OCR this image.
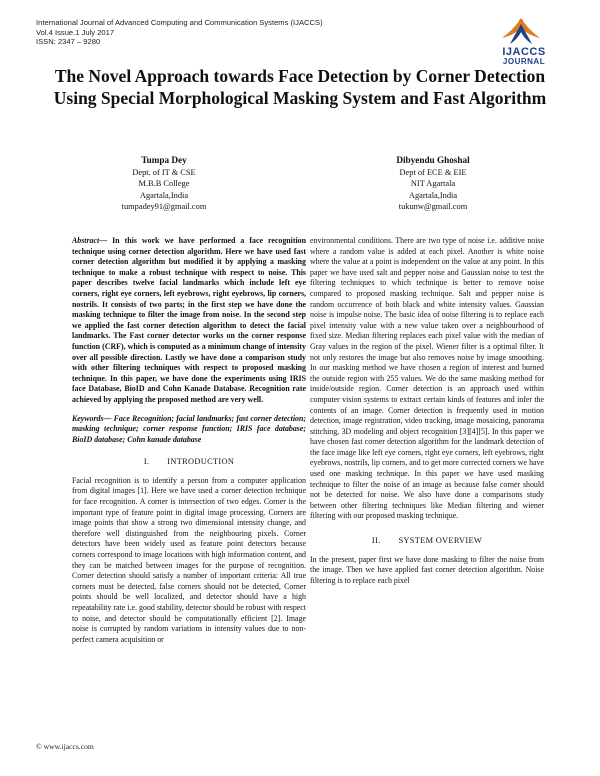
International Journal of Advanced Computing and Communication Systems (IJACCS)
Vol.4 Issue.1 July 2017
ISSN: 2347 – 9280
IJACCS
JOURNAL
The Novel Approach towards Face Detection by Corner Detection Using Special Morphological Masking System and Fast Algorithm
Tumpa Dey
Dept. of IT & CSE
M.B.B College
Agartala,India
tumpadey91@gmail.com
Dibyendu Ghoshal
Dept of ECE & EIE
NIT Agartala
Agartala,India
tukunw@gmail.com

Abstract— In this work we have performed a face recognition technique using corner detection algorithm. Here we have used fast corner detection algorithm but modified it by applying a masking technique to make a robust technique with respect to noise. This paper describes twelve facial landmarks which include left eye corners, right eye corners, left eyebrows, right eyebrows, lip corners, nostrils. It consists of two parts; in the first step we have done the masking technique to filter the image from noise. In the second step we applied the fast corner detection algorithm to detect the facial landmarks. The Fast corner detector works on the corner response function (CRF), which is computed as a minimum change of intensity over all possible direction. Lastly we have done a comparison study with other filtering techniques with respect to proposed masking technique. In this paper, we have done the experiments using IRIS face Database, BioID and Cohn Kanade Database. Recognition rate achieved by applying the proposed method are very well.

Keywords— Face Recognition; facial landmarks; fast corner detection; masking technique; corner response function; IRIS face database; BioID database; Cohn kanade database

I. INTRODUCTION

Facial recognition is to identify a person from a computer application from digital images [1]. Here we have used a corner detection technique for face recognition. A corner is intersection of two edges. Corner is the important type of feature point in digital image processing. Corners are image points that show a strong two dimensional intensity change, and therefore well distinguished from the neighbouring pixels. Corner detectors have been widely used as feature point detectors because corners correspond to image locations with high information content, and they can be matched between images for the purpose of recognition. Corner detection should satisfy a number of important criteria: All true corners must be detected, false corners should not be detected, Corner points should be well localized, and detector should have a high repeatability rate i.e. good stability, detector should be robust with respect to noise, and detector should be computationally efficient [2]. Image noise is corrupted by random variations in intensity values due to non-perfect camera acquisition or

environmental conditions. There are two type of noise i.e. additive noise where a random value is added at each pixel. Another is white noise where the value at a point is independent on the value at any point. In this paper we have used salt and pepper noise and Gaussian noise to test the filtering techniques to which technique is better to remove noise compared to proposed masking technique. Salt and pepper noise is random occurrence of both black and white intensity values. Gaussian noise is impulse noise. The basic idea of noise filtering is to replace each pixel intensity value with a new value taken over a neighbourhood of fixed size. Median filtering replaces each pixel value with the median of Gray values in the region of the pixel. Wiener filter is a optimal filter. It not only restores the image but also removes noise by image smoothing. In our masking method we have chosen a region of interest and burned the outside region with 255 values. We do the same masking method for inside/outside region. Corner detection is an approach used within computer vision systems to extract certain kinds of features and infer the contents of an image. Corner detection is frequently used in motion detection, image registration, video tracking, image mosaicing, panorama stitching, 3D modeling and object recognition [3][4][5]. In this paper we have chosen fast corner detection algorithm for the landmark detection of the face image like left eye corners, right eye corners, left eyebrows, right eyebrows, nostrils, lip corners, and to get more corrected corners we have used one masking technique. In this paper we have used masking technique to filter the noise of an image as because false corner should not be detected for noise. We also have done a comparisons study between other filtering techniques like Median filtering and wiener filtering with our proposed masking technique.

II. SYSTEM OVERVIEW

In the present, paper first we have done masking to filter the noise from the image. Then we have applied fast corner detection algorithm. Noise filtering is to replace each pixel

© www.ijaccs.com
